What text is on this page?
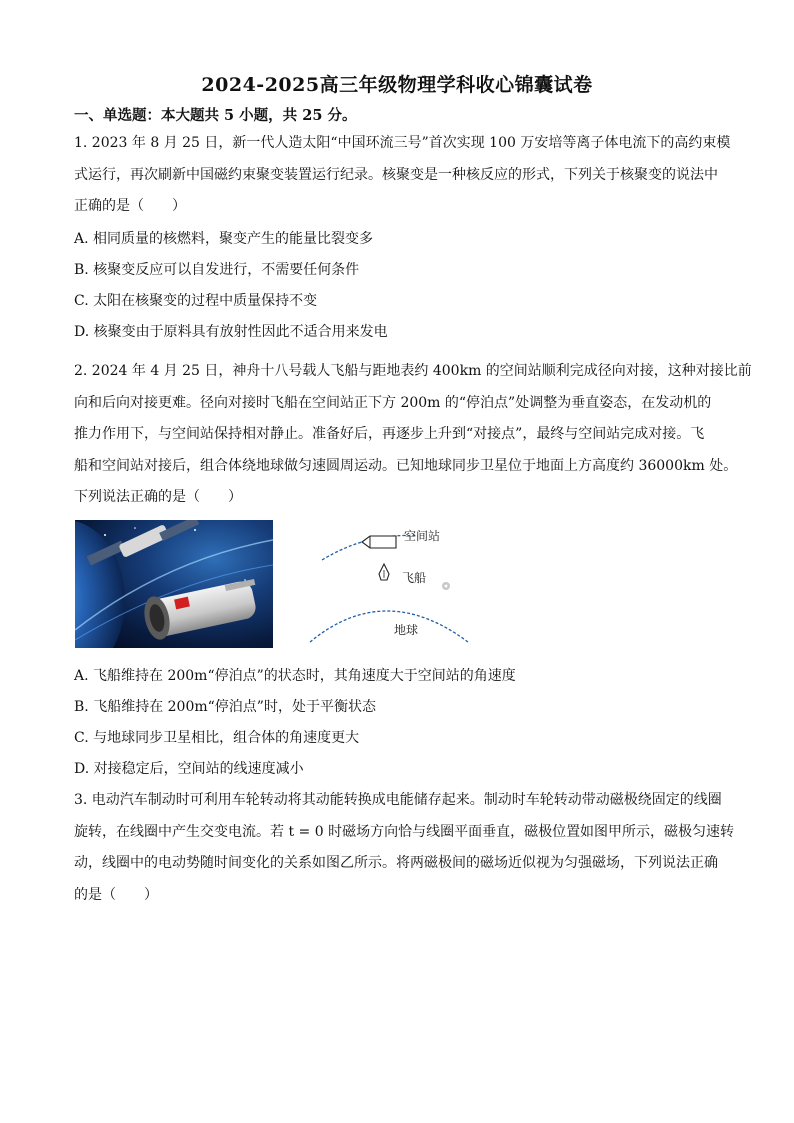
2024-2025高三年级物理学科收心锦囊试卷
一、单选题：本大题共 5 小题，共 25 分。
1. 2023 年 8 月 25 日，新一代人造太阳“中国环流三号”首次实现 100 万安培等离子体电流下的高约束模
式运行，再次刷新中国磁约束聚变装置运行纪录。核聚变是一种核反应的形式，下列关于核聚变的说法中
正确的是（　　）
A. 相同质量的核燃料，聚变产生的能量比裂变多
B. 核聚变反应可以自发进行，不需要任何条件
C. 太阳在核聚变的过程中质量保持不变
D. 核聚变由于原料具有放射性因此不适合用来发电
2. 2024 年 4 月 25 日，神舟十八号载人飞船与距地表约 400km 的空间站顺利完成径向对接，这种对接比前
向和后向对接更难。径向对接时飞船在空间站正下方 200m 的“停泊点”处调整为垂直姿态，在发动机的
推力作用下，与空间站保持相对静止。准备好后，再逐步上升到“对接点”，最终与空间站完成对接。飞
船和空间站对接后，组合体绕地球做匀速圆周运动。已知地球同步卫星位于地面上方高度约 36000km 处。
下列说法正确的是（　　）
空间站
飞船
地球
A. 飞船维持在 200m“停泊点”的状态时，其角速度大于空间站的角速度
B. 飞船维持在 200m“停泊点”时，处于平衡状态
C. 与地球同步卫星相比，组合体的角速度更大
D. 对接稳定后，空间站的线速度减小
3. 电动汽车制动时可利用车轮转动将其动能转换成电能储存起来。制动时车轮转动带动磁极绕固定的线圈
旋转，在线圈中产生交变电流。若 t = 0 时磁场方向恰与线圈平面垂直，磁极位置如图甲所示，磁极匀速转
动，线圈中的电动势随时间变化的关系如图乙所示。将两磁极间的磁场近似视为匀强磁场，下列说法正确
的是（　　）
